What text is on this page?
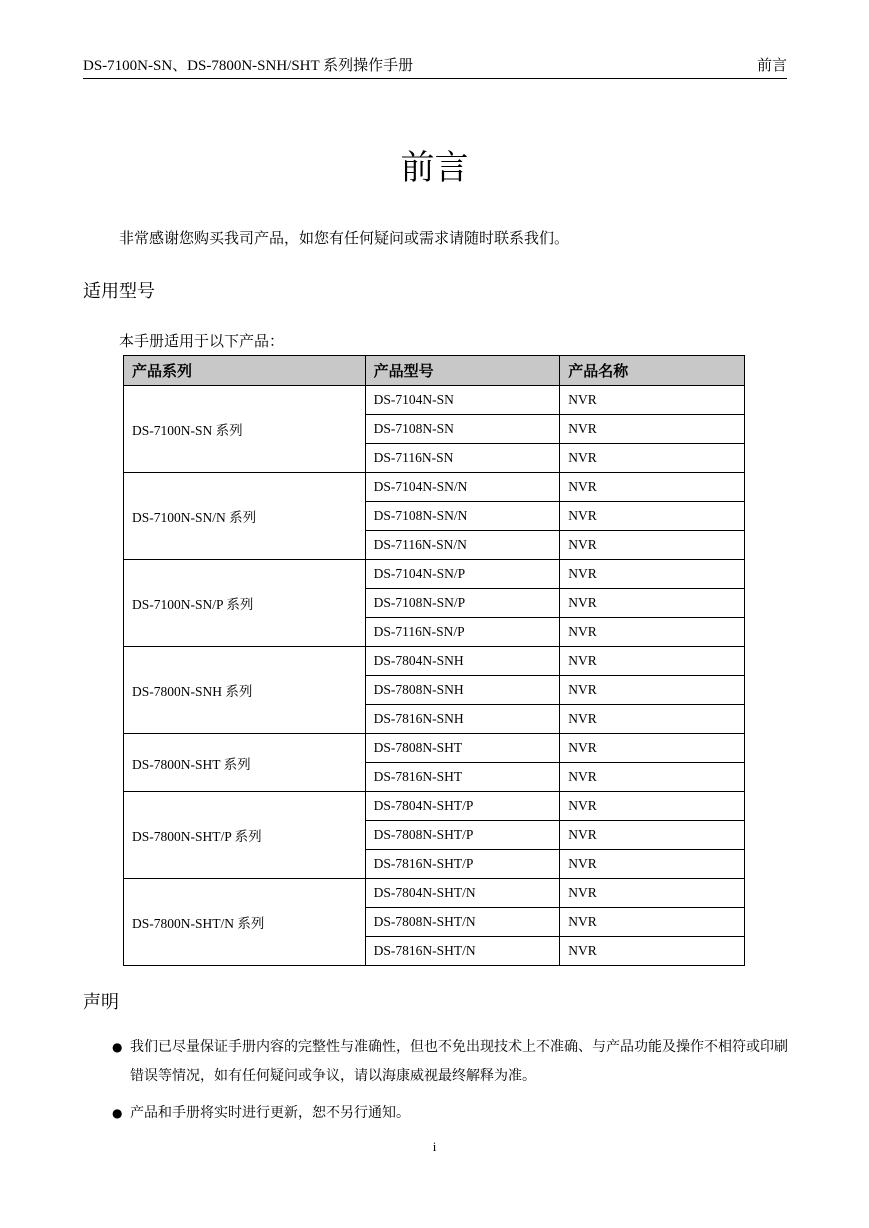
DS-7100N-SN、DS-7800N-SNH/SHT 系列操作手册	前言
前言
非常感谢您购买我司产品，如您有任何疑问或需求请随时联系我们。
适用型号
本手册适用于以下产品：
产品系列	产品型号	产品名称
DS-7100N-SN 系列	DS-7104N-SN	NVR
	DS-7108N-SN	NVR
	DS-7116N-SN	NVR
DS-7100N-SN/N 系列	DS-7104N-SN/N	NVR
	DS-7108N-SN/N	NVR
	DS-7116N-SN/N	NVR
DS-7100N-SN/P 系列	DS-7104N-SN/P	NVR
	DS-7108N-SN/P	NVR
	DS-7116N-SN/P	NVR
DS-7800N-SNH 系列	DS-7804N-SNH	NVR
	DS-7808N-SNH	NVR
	DS-7816N-SNH	NVR
DS-7800N-SHT 系列	DS-7808N-SHT	NVR
	DS-7816N-SHT	NVR
DS-7800N-SHT/P 系列	DS-7804N-SHT/P	NVR
	DS-7808N-SHT/P	NVR
	DS-7816N-SHT/P	NVR
DS-7800N-SHT/N 系列	DS-7804N-SHT/N	NVR
	DS-7808N-SHT/N	NVR
	DS-7816N-SHT/N	NVR
声明
● 我们已尽量保证手册内容的完整性与准确性，但也不免出现技术上不准确、与产品功能及操作不相符或印刷错误等情况，如有任何疑问或争议，请以海康威视最终解释为准。
● 产品和手册将实时进行更新，恕不另行通知。
i
